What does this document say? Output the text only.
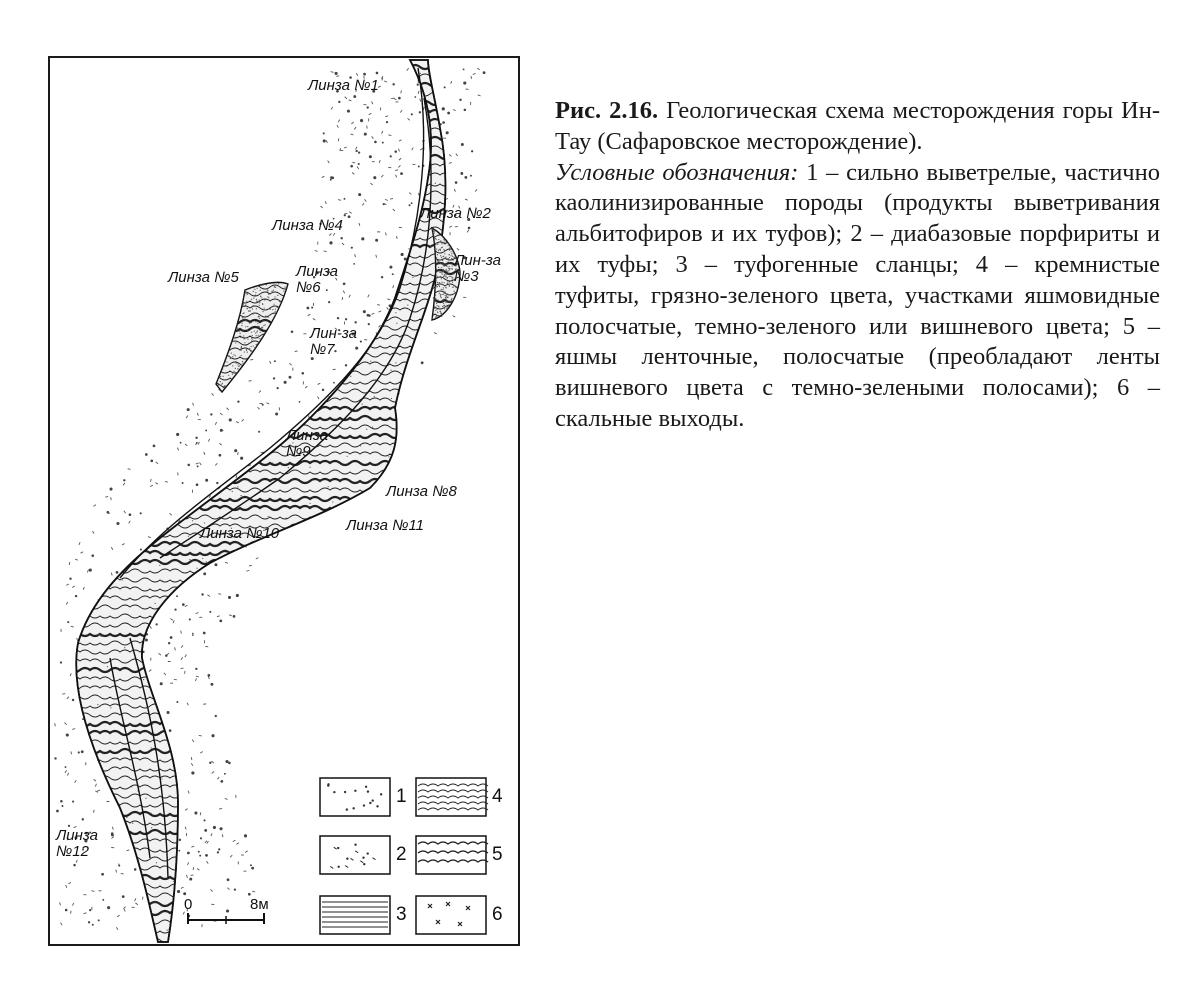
Линза №1
Линза №2
Лин-за №3
Линза №4
Линза №5	Линза №6
Лин-за №7
Линза №8
Линза №9
Линза №10	Линза №11
Линза №12
1
2
3
4
5
6
0	8м
Рис. 2.16. Геологическая схема месторождения горы Ин-Тау (Сафаровское месторождение).
Условные обозначения: 1 – сильно выветрелые, частично каолинизированные породы (продукты выветривания альбитофиров и их туфов); 2 – диабазовые порфириты и их туфы; 3 – туфогенные сланцы; 4 – кремнистые туфиты, грязно-зеленого цвета, участками яшмовидные полосчатые, темно-зеленого или вишневого цвета; 5 – яшмы ленточные, полосчатые (преобладают ленты вишневого цвета с темно-зелеными полосами); 6 – скальные выходы.
